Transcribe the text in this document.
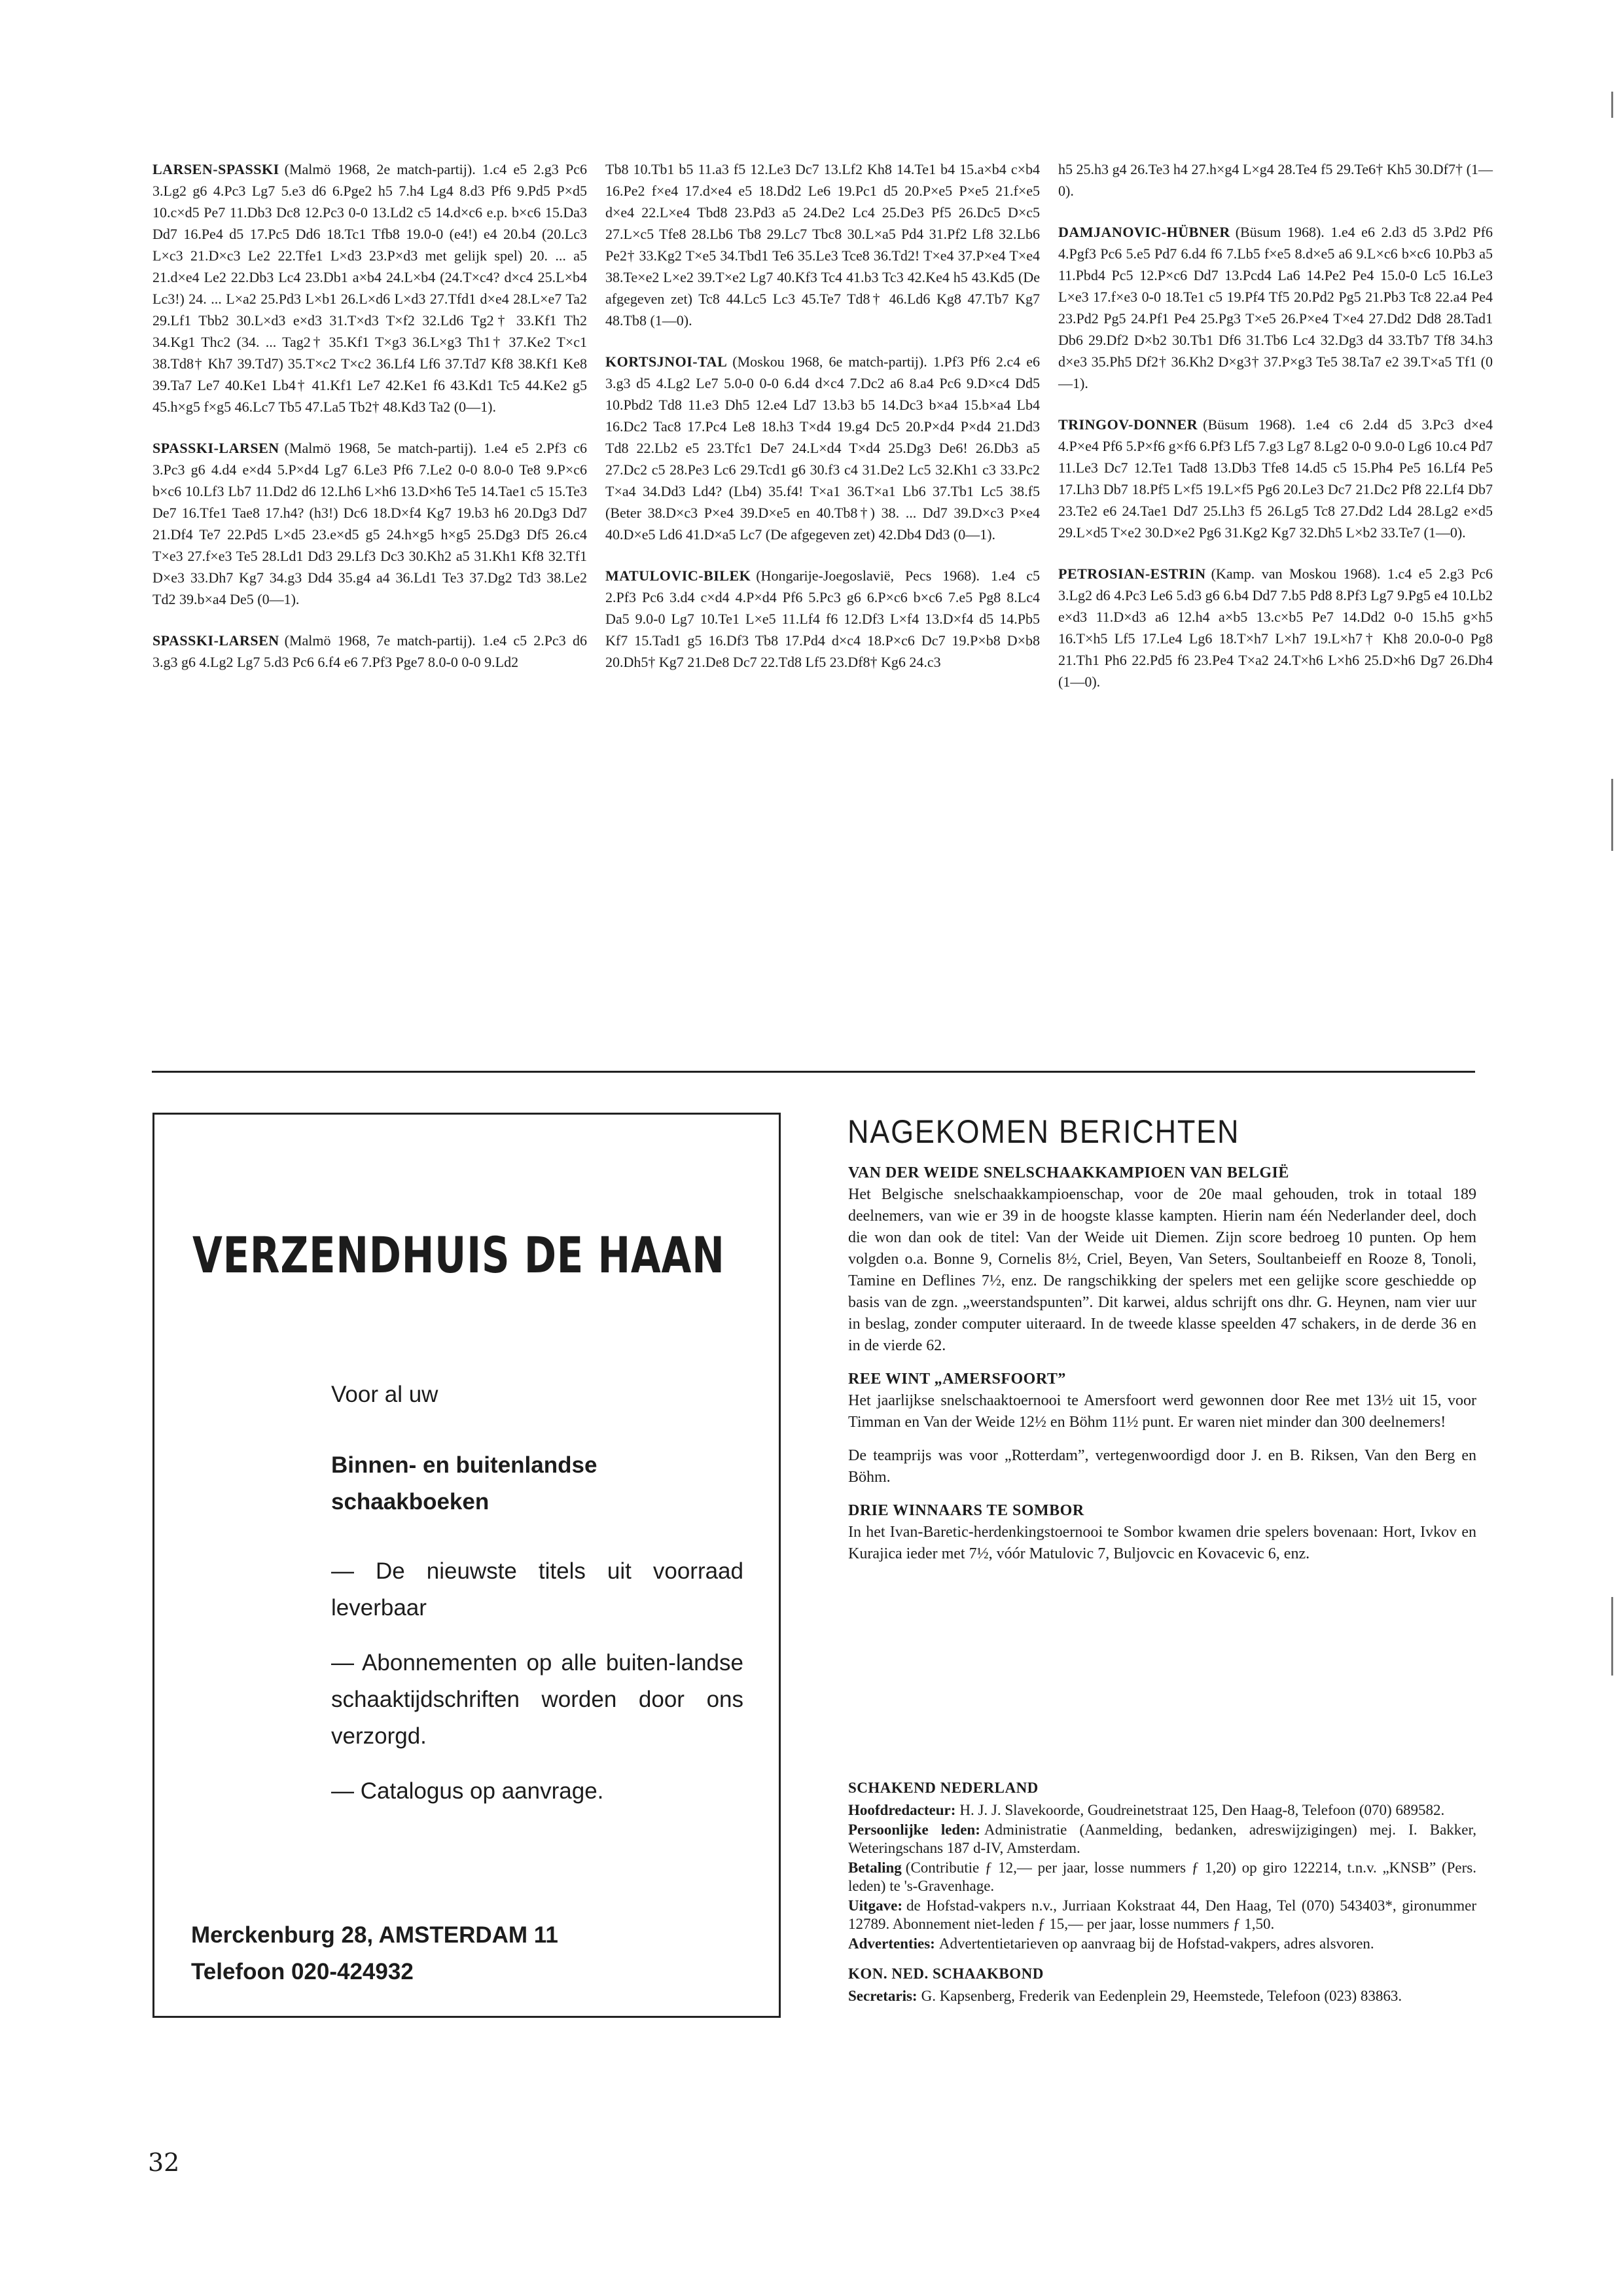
LARSEN-SPASSKI (Malmö 1968, 2e match-partij). 1.c4 e5 2.g3 Pc6 3.Lg2 g6 4.Pc3 Lg7 5.e3 d6 6.Pge2 h5 7.h4 Lg4 8.d3 Pf6 9.Pd5 P×d5 10.c×d5 Pe7 11.Db3 Dc8 12.Pc3 0-0 13.Ld2 c5 14.d×c6 e.p. b×c6 15.Da3 Dd7 16.Pe4 d5 17.Pc5 Dd6 18.Tc1 Tfb8 19.0-0 (e4!) e4 20.b4 (20.Lc3 L×c3 21.D×c3 Le2 22.Tfe1 L×d3 23.P×d3 met gelijk spel) 20. ... a5 21.d×e4 Le2 22.Db3 Lc4 23.Db1 a×b4 24.L×b4 (24.T×c4? d×c4 25.L×b4 Lc3!) 24. ... L×a2 25.Pd3 L×b1 26.L×d6 L×d3 27.Tfd1 d×e4 28.L×e7 Ta2 29.Lf1 Tbb2 30.L×d3 e×d3 31.T×d3 T×f2 32.Ld6 Tg2† 33.Kf1 Th2 34.Kg1 Thc2 (34. ... Tag2† 35.Kf1 T×g3 36.L×g3 Th1† 37.Ke2 T×c1 38.Td8† Kh7 39.Td7) 35.T×c2 T×c2 36.Lf4 Lf6 37.Td7 Kf8 38.Kf1 Ke8 39.Ta7 Le7 40.Ke1 Lb4† 41.Kf1 Le7 42.Ke1 f6 43.Kd1 Tc5 44.Ke2 g5 45.h×g5 f×g5 46.Lc7 Tb5 47.La5 Tb2† 48.Kd3 Ta2 (0—1).

SPASSKI-LARSEN (Malmö 1968, 5e match-partij). 1.e4 e5 2.Pf3 c6 3.Pc3 g6 4.d4 e×d4 5.P×d4 Lg7 6.Le3 Pf6 7.Le2 0-0 8.0-0 Te8 9.P×c6 b×c6 10.Lf3 Lb7 11.Dd2 d6 12.Lh6 L×h6 13.D×h6 Te5 14.Tae1 c5 15.Te3 De7 16.Tfe1 Tae8 17.h4? (h3!) Dc6 18.D×f4 Kg7 19.b3 h6 20.Dg3 Dd7 21.Df4 Te7 22.Pd5 L×d5 23.e×d5 g5 24.h×g5 h×g5 25.Dg3 Df5 26.c4 T×e3 27.f×e3 Te5 28.Ld1 Dd3 29.Lf3 Dc3 30.Kh2 a5 31.Kh1 Kf8 32.Tf1 D×e3 33.Dh7 Kg7 34.g3 Dd4 35.g4 a4 36.Ld1 Te3 37.Dg2 Td3 38.Le2 Td2 39.b×a4 De5 (0—1).

SPASSKI-LARSEN (Malmö 1968, 7e match-partij). 1.e4 c5 2.Pc3 d6 3.g3 g6 4.Lg2 Lg7 5.d3 Pc6 6.f4 e6 7.Pf3 Pge7 8.0-0 0-0 9.Ld2

Tb8 10.Tb1 b5 11.a3 f5 12.Le3 Dc7 13.Lf2 Kh8 14.Te1 b4 15.a×b4 c×b4 16.Pe2 f×e4 17.d×e4 e5 18.Dd2 Le6 19.Pc1 d5 20.P×e5 P×e5 21.f×e5 d×e4 22.L×e4 Tbd8 23.Pd3 a5 24.De2 Lc4 25.De3 Pf5 26.Dc5 D×c5 27.L×c5 Tfe8 28.Lb6 Tb8 29.Lc7 Tbc8 30.L×a5 Pd4 31.Pf2 Lf8 32.Lb6 Pe2† 33.Kg2 T×e5 34.Tbd1 Te6 35.Le3 Tce8 36.Td2! T×e4 37.P×e4 T×e4 38.Te×e2 L×e2 39.T×e2 Lg7 40.Kf3 Tc4 41.b3 Tc3 42.Ke4 h5 43.Kd5 (De afgegeven zet) Tc8 44.Lc5 Lc3 45.Te7 Td8† 46.Ld6 Kg8 47.Tb7 Kg7 48.Tb8 (1—0).

KORTSJNOI-TAL (Moskou 1968, 6e match-partij). 1.Pf3 Pf6 2.c4 e6 3.g3 d5 4.Lg2 Le7 5.0-0 0-0 6.d4 d×c4 7.Dc2 a6 8.a4 Pc6 9.D×c4 Dd5 10.Pbd2 Td8 11.e3 Dh5 12.e4 Ld7 13.b3 b5 14.Dc3 b×a4 15.b×a4 Lb4 16.Dc2 Tac8 17.Pc4 Le8 18.h3 T×d4 19.g4 Dc5 20.P×d4 P×d4 21.Dd3 Td8 22.Lb2 e5 23.Tfc1 De7 24.L×d4 T×d4 25.Dg3 De6! 26.Db3 a5 27.Dc2 c5 28.Pe3 Lc6 29.Tcd1 g6 30.f3 c4 31.De2 Lc5 32.Kh1 c3 33.Pc2 T×a4 34.Dd3 Ld4? (Lb4) 35.f4! T×a1 36.T×a1 Lb6 37.Tb1 Lc5 38.f5 (Beter 38.D×c3 P×e4 39.D×e5 en 40.Tb8†) 38. ... Dd7 39.D×c3 P×e4 40.D×e5 Ld6 41.D×a5 Lc7 (De afgegeven zet) 42.Db4 Dd3 (0—1).

MATULOVIC-BILEK (Hongarije-Joegoslavië, Pecs 1968). 1.e4 c5 2.Pf3 Pc6 3.d4 c×d4 4.P×d4 Pf6 5.Pc3 g6 6.P×c6 b×c6 7.e5 Pg8 8.Lc4 Da5 9.0-0 Lg7 10.Te1 L×e5 11.Lf4 f6 12.Df3 L×f4 13.D×f4 d5 14.Pb5 Kf7 15.Tad1 g5 16.Df3 Tb8 17.Pd4 d×c4 18.P×c6 Dc7 19.P×b8 D×b8 20.Dh5† Kg7 21.De8 Dc7 22.Td8 Lf5 23.Df8† Kg6 24.c3

h5 25.h3 g4 26.Te3 h4 27.h×g4 L×g4 28.Te4 f5 29.Te6† Kh5 30.Df7† (1—0).

DAMJANOVIC-HÜBNER (Büsum 1968). 1.e4 e6 2.d3 d5 3.Pd2 Pf6 4.Pgf3 Pc6 5.e5 Pd7 6.d4 f6 7.Lb5 f×e5 8.d×e5 a6 9.L×c6 b×c6 10.Pb3 a5 11.Pbd4 Pc5 12.P×c6 Dd7 13.Pcd4 La6 14.Pe2 Pe4 15.0-0 Lc5 16.Le3 L×e3 17.f×e3 0-0 18.Te1 c5 19.Pf4 Tf5 20.Pd2 Pg5 21.Pb3 Tc8 22.a4 Pe4 23.Pd2 Pg5 24.Pf1 Pe4 25.Pg3 T×e5 26.P×e4 T×e4 27.Dd2 Dd8 28.Tad1 Db6 29.Df2 D×b2 30.Tb1 Df6 31.Tb6 Lc4 32.Dg3 d4 33.Tb7 Tf8 34.h3 d×e3 35.Ph5 Df2† 36.Kh2 D×g3† 37.P×g3 Te5 38.Ta7 e2 39.T×a5 Tf1 (0—1).

TRINGOV-DONNER (Büsum 1968). 1.e4 c6 2.d4 d5 3.Pc3 d×e4 4.P×e4 Pf6 5.P×f6 g×f6 6.Pf3 Lf5 7.g3 Lg7 8.Lg2 0-0 9.0-0 Lg6 10.c4 Pd7 11.Le3 Dc7 12.Te1 Tad8 13.Db3 Tfe8 14.d5 c5 15.Ph4 Pe5 16.Lf4 Pe5 17.Lh3 Db7 18.Pf5 L×f5 19.L×f5 Pg6 20.Le3 Dc7 21.Dc2 Pf8 22.Lf4 Db7 23.Te2 e6 24.Tae1 Dd7 25.Lh3 f5 26.Lg5 Tc8 27.Dd2 Ld4 28.Lg2 e×d5 29.L×d5 T×e2 30.D×e2 Pg6 31.Kg2 Kg7 32.Dh5 L×b2 33.Te7 (1—0).

PETROSIAN-ESTRIN (Kamp. van Moskou 1968). 1.c4 e5 2.g3 Pc6 3.Lg2 d6 4.Pc3 Le6 5.d3 g6 6.b4 Dd7 7.b5 Pd8 8.Pf3 Lg7 9.Pg5 e4 10.Lb2 e×d3 11.D×d3 a6 12.h4 a×b5 13.c×b5 Pe7 14.Dd2 0-0 15.h5 g×h5 16.T×h5 Lf5 17.Le4 Lg6 18.T×h7 L×h7 19.L×h7† Kh8 20.0-0-0 Pg8 21.Th1 Ph6 22.Pd5 f6 23.Pe4 T×a2 24.T×h6 L×h6 25.D×h6 Dg7 26.Dh4 (1—0).

VERZENDHUIS DE HAAN

Voor al uw

Binnen- en buitenlandse schaakboeken

— De nieuwste titels uit voorraad leverbaar

— Abonnementen op alle buiten-landse schaaktijdschriften worden door ons verzorgd.

— Catalogus op aanvrage.

Merckenburg 28, AMSTERDAM 11
Telefoon 020-424932
NAGEKOMEN BERICHTEN

VAN DER WEIDE SNELSCHAAKKAMPIOEN VAN BELGIË

Het Belgische snelschaakkampioenschap, voor de 20e maal gehouden, trok in totaal 189 deelnemers, van wie er 39 in de hoogste klasse kampten. Hierin nam één Nederlander deel, doch die won dan ook de titel: Van der Weide uit Diemen. Zijn score bedroeg 10 punten. Op hem volgden o.a. Bonne 9, Cornelis 8½, Criel, Beyen, Van Seters, Soultanbeieff en Rooze 8, Tonoli, Tamine en Deflines 7½, enz. De rangschikking der spelers met een gelijke score geschiedde op basis van de zgn. „weerstandspunten”. Dit karwei, aldus schrijft ons dhr. G. Heynen, nam vier uur in beslag, zonder computer uiteraard. In de tweede klasse speelden 47 schakers, in de derde 36 en in de vierde 62.

REE WINT „AMERSFOORT”

Het jaarlijkse snelschaaktoernooi te Amersfoort werd gewonnen door Ree met 13½ uit 15, voor Timman en Van der Weide 12½ en Böhm 11½ punt. Er waren niet minder dan 300 deelnemers!

De teamprijs was voor „Rotterdam”, vertegenwoordigd door J. en B. Riksen, Van den Berg en Böhm.

DRIE WINNAARS TE SOMBOR

In het Ivan-Baretic-herdenkingstoernooi te Sombor kwamen drie spelers bovenaan: Hort, Ivkov en Kurajica ieder met 7½, vóór Matulovic 7, Buljovcic en Kovacevic 6, enz.

SCHAKEND NEDERLAND

Hoofdredacteur: H. J. J. Slavekoorde, Goudreinetstraat 125, Den Haag-8, Telefoon (070) 689582.

Persoonlijke leden: Administratie (Aanmelding, bedanken, adreswijzigingen) mej. I. Bakker, Weteringschans 187 d-IV, Amsterdam.

Betaling (Contributie ƒ 12,— per jaar, losse nummers ƒ 1,20) op giro 122214, t.n.v. „KNSB” (Pers. leden) te 's-Gravenhage.

Uitgave: de Hofstad-vakpers n.v., Jurriaan Kokstraat 44, Den Haag, Tel (070) 543403*, gironummer 12789. Abonnement niet-leden ƒ 15,— per jaar, losse nummers ƒ 1,50.

Advertenties: Advertentietarieven op aanvraag bij de Hofstad-vakpers, adres alsvoren.

KON. NED. SCHAAKBOND

Secretaris: G. Kapsenberg, Frederik van Eedenplein 29, Heemstede, Telefoon (023) 83863.

32
